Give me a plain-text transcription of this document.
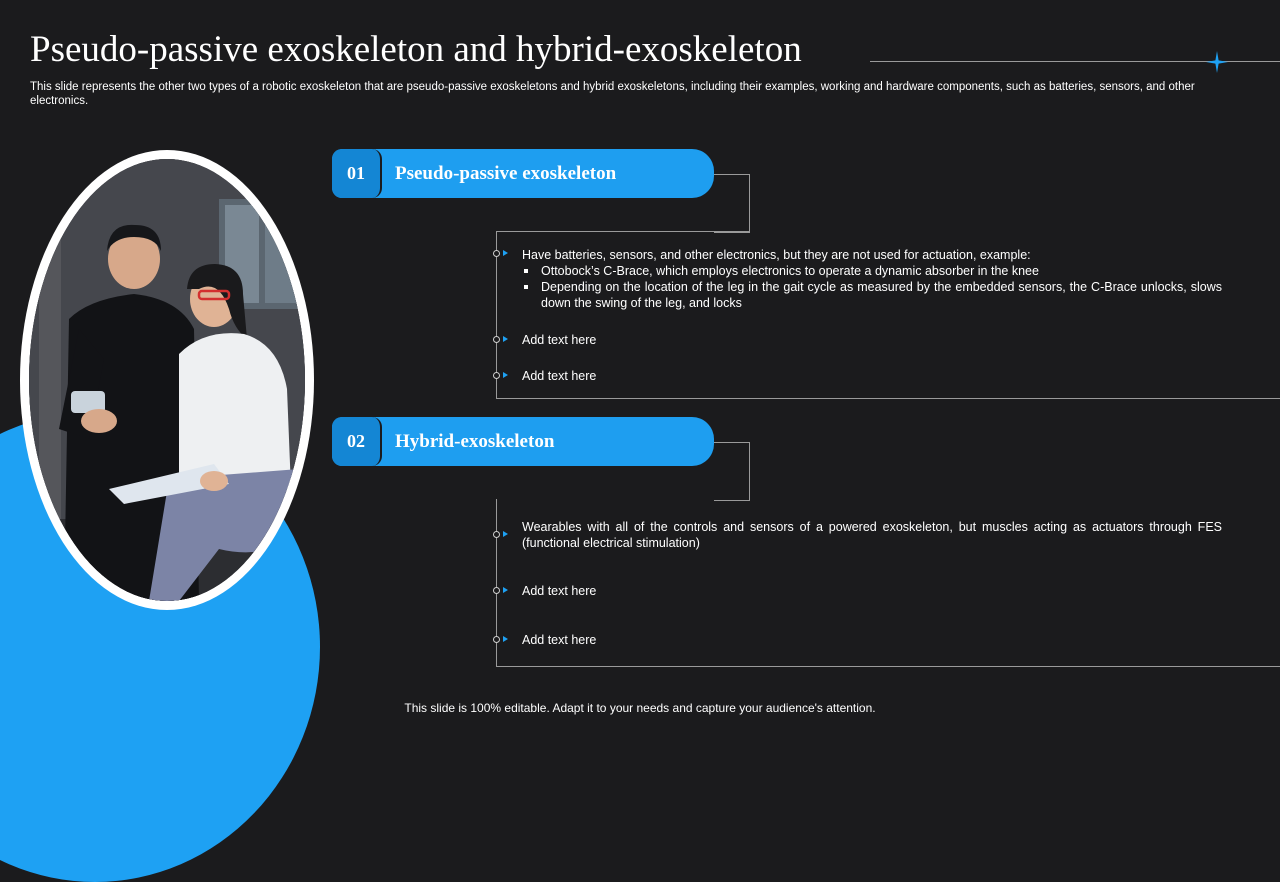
Pseudo-passive exoskeleton and hybrid-exoskeleton

This slide represents the other two types of a robotic exoskeleton that are pseudo-passive exoskeletons and hybrid exoskeletons, including their examples, working and hardware components, such as batteries, sensors, and other electronics.

01	Pseudo-passive exoskeleton
Have batteries, sensors, and other electronics, but they are not used for actuation, example:
Ottobock’s C-Brace, which employs electronics to operate a dynamic absorber in the knee
Depending on the location of the leg in the gait cycle as measured by the embedded sensors, the C-Brace unlocks, slows down the swing of the leg, and locks
Add text here
Add text here
02	Hybrid-exoskeleton
Wearables with all of the controls and sensors of a powered exoskeleton, but muscles acting as actuators through FES (functional electrical stimulation)
Add text here
Add text here
This slide is 100% editable. Adapt it to your needs and capture your audience's attention.
